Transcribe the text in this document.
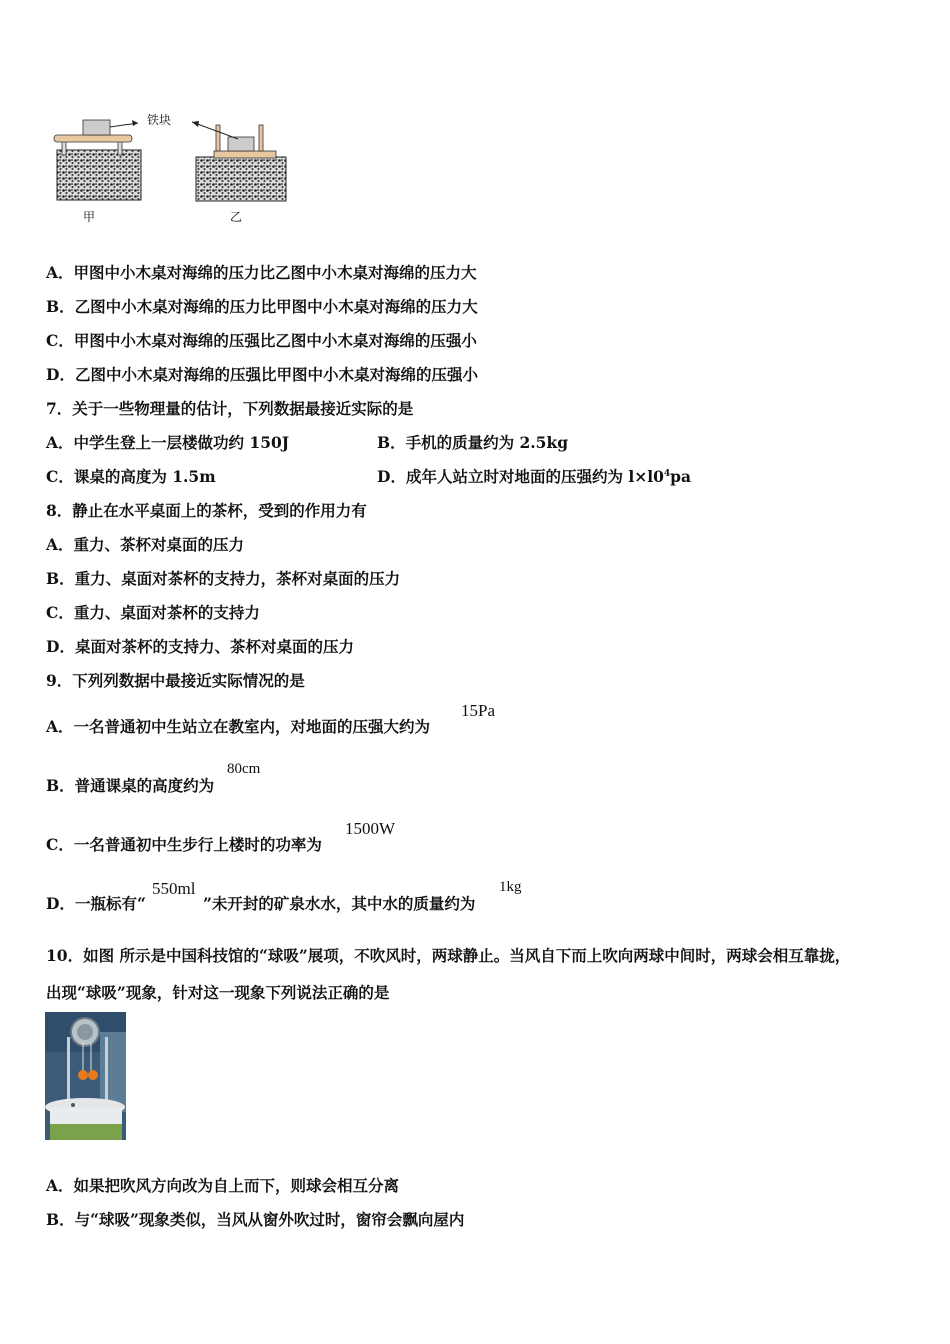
铁块
甲	乙
A．甲图中小木桌对海绵的压力比乙图中小木桌对海绵的压力大
B．乙图中小木桌对海绵的压力比甲图中小木桌对海绵的压力大
C．甲图中小木桌对海绵的压强比乙图中小木桌对海绵的压强小
D．乙图中小木桌对海绵的压强比甲图中小木桌对海绵的压强小
7．关于一些物理量的估计，下列数据最接近实际的是
A．中学生登上一层楼做功约 150J	B．手机的质量约为 2.5kg
C．课桌的高度为 1.5m	D．成年人站立时对地面的压强约为 $l\times l0^4pa$
8．静止在水平桌面上的茶杯，受到的作用力有
A．重力、茶杯对桌面的压力
B．重力、桌面对茶杯的支持力，茶杯对桌面的压力
C．重力、桌面对茶杯的支持力
D．桌面对茶杯的支持力、茶杯对桌面的压力
9．下列列数据中最接近实际情况的是
A．一名普通初中生站立在教室内，对地面的压强大约为
15Pa
B．普通课桌的高度约为
80cm
C．一名普通初中生步行上楼时的功率为
1500W
D．一瓶标有“
550ml
”未开封的矿泉水水，其中水的质量约为
1kg
10．如图 所示是中国科技馆的“球吸”展项，不吹风时，两球静止。当风自下而上吹向两球中间时，两球会相互靠拢，
出现“球吸”现象，针对这一现象下列说法正确的是
A．如果把吹风方向改为自上而下，则球会相互分离
B．与“球吸”现象类似，当风从窗外吹过时，窗帘会飘向屋内
